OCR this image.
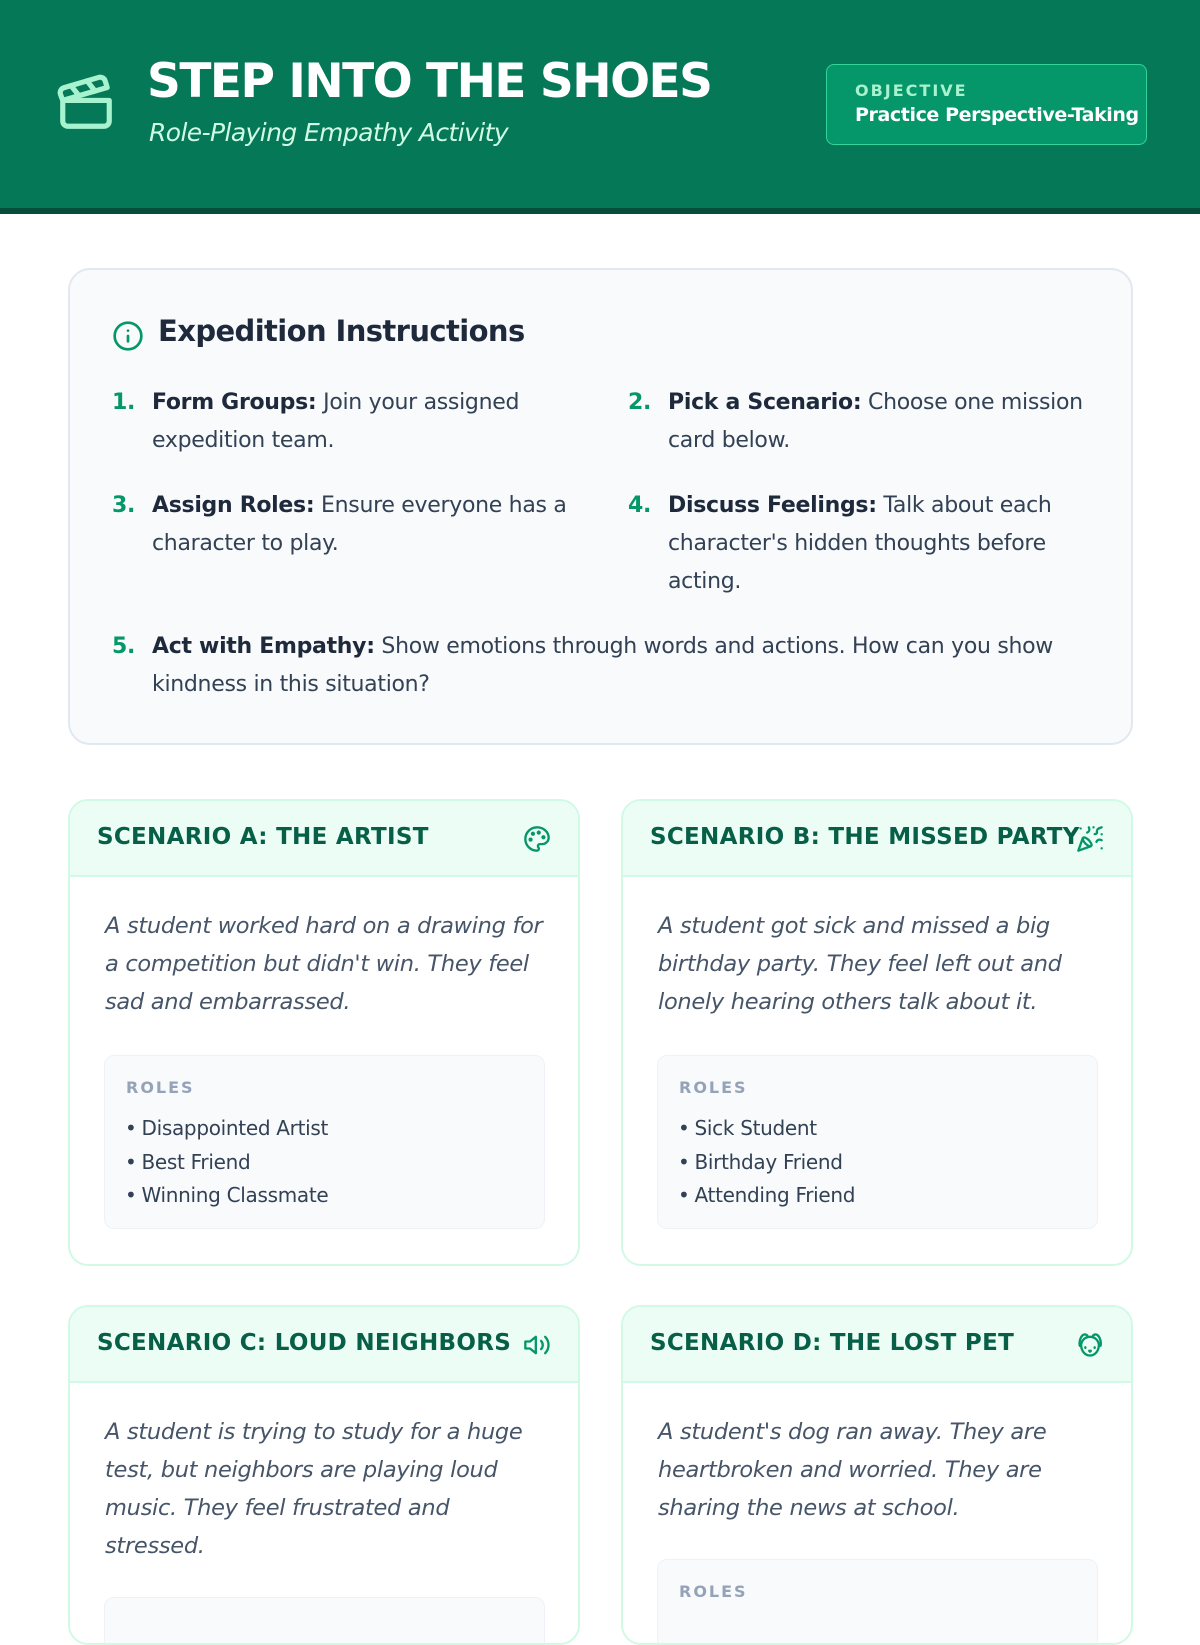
STEP INTO THE SHOES
Role-Playing Empathy Activity
OBJECTIVE
Practice Perspective-Taking
Expedition Instructions
1. Form Groups: Join your assigned expedition team.
2. Pick a Scenario: Choose one mission card below.
3. Assign Roles: Ensure everyone has a character to play.
4. Discuss Feelings: Talk about each character's hidden thoughts before acting.
5. Act with Empathy: Show emotions through words and actions. How can you show kindness in this situation?
SCENARIO A: THE ARTIST
A student worked hard on a drawing for a competition but didn't win. They feel sad and embarrassed.
ROLES
• Disappointed Artist
• Best Friend
• Winning Classmate
SCENARIO B: THE MISSED PARTY
A student got sick and missed a big birthday party. They feel left out and lonely hearing others talk about it.
ROLES
• Sick Student
• Birthday Friend
• Attending Friend
SCENARIO C: LOUD NEIGHBORS
A student is trying to study for a huge test, but neighbors are playing loud music. They feel frustrated and stressed.
SCENARIO D: THE LOST PET
A student's dog ran away. They are heartbroken and worried. They are sharing the news at school.
ROLES
